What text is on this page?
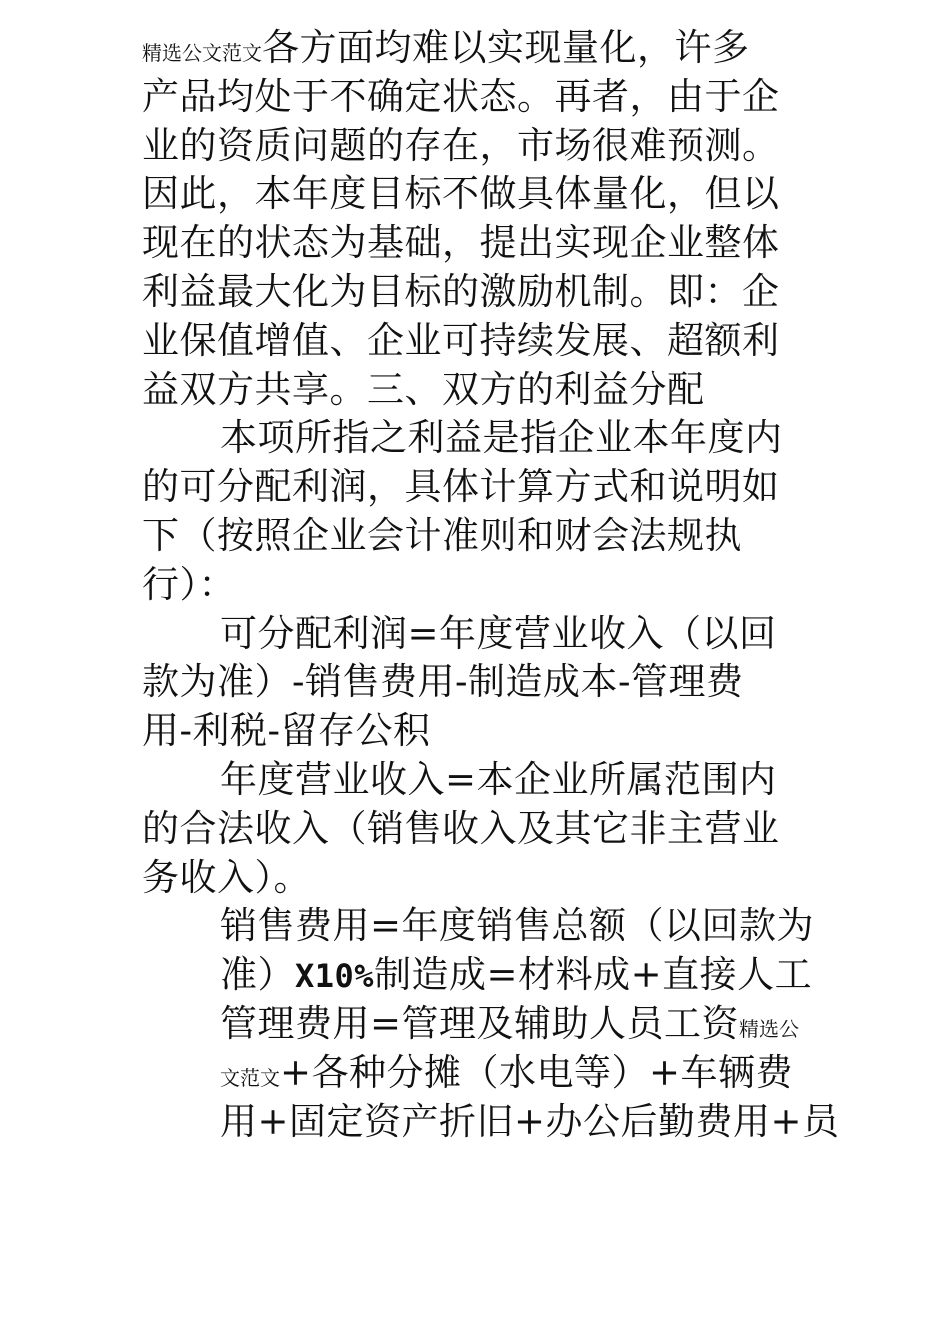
精选公文范文各方面均难以实现量化，许多
产品均处于不确定状态。再者，由于企
业的资质问题的存在，市场很难预测。
因此，本年度目标不做具体量化，但以
现在的状态为基础，提出实现企业整体
利益最大化为目标的激励机制。即：企
业保值增值、企业可持续发展、超额利
益双方共享。三、双方的利益分配
本项所指之利益是指企业本年度内
的可分配利润，具体计算方式和说明如
下（按照企业会计准则和财会法规执
行）：
可分配利润=年度营业收入（以回
款为准）-销售费用-制造成本-管理费
用-利税-留存公积
年度营业收入=本企业所属范围内
的合法收入（销售收入及其它非主营业
务收入）。
销售费用=年度销售总额（以回款为
准）X10%制造成=材料成+直接人工
管理费用=管理及辅助人员工资精选公
文范文+各种分摊（水电等）+车辆费
用+固定资产折旧+办公后勤费用+员
